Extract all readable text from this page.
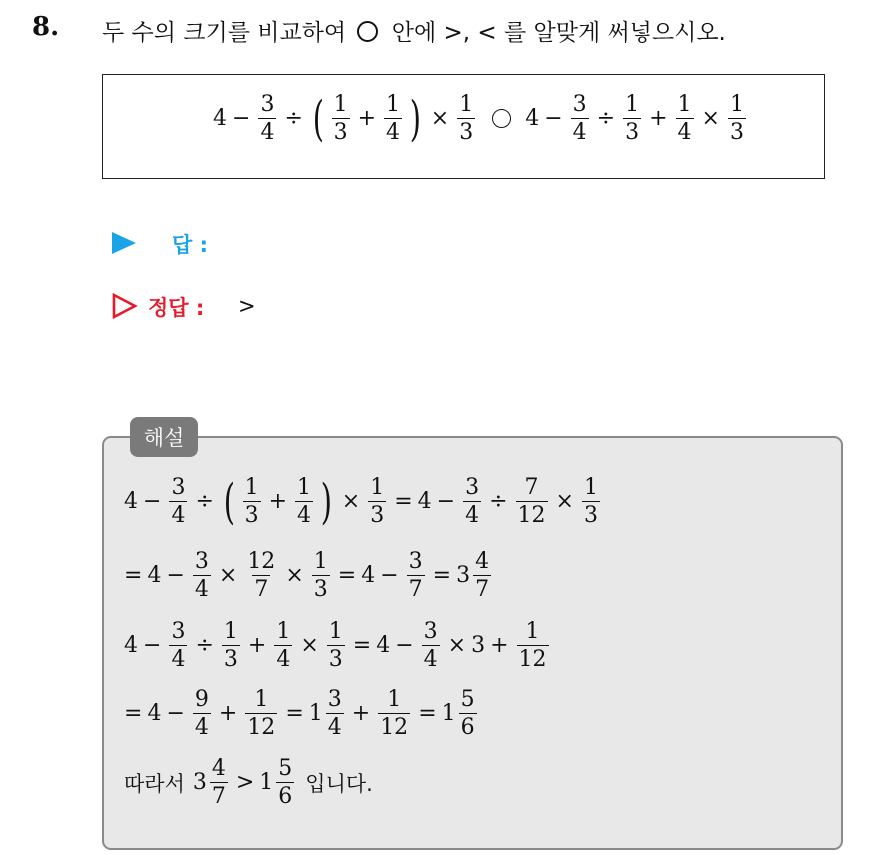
8. 두 수의 크기를 비교하여 안에 >, < 를 알맞게 써넣으시오.
$4 - \frac{3}{4}$ ÷ ( $\frac{1}{3} + \frac{1}{4}$ ) × $\frac{1}{3} 4 - \frac{3}{4} \div \frac{1}{3} + \frac{1}{4} \times \frac{1}{3}$
답 :
정답 : >
해설
$4 - \frac{3}{4}$ ÷ ( $\frac{1}{3} + \frac{1}{4}$ ) × $\frac{1}{3} = 4 - \frac{3}{4} \div \frac{7}{12} \times \frac{1}{3}$
= $4 - \frac{3}{4} \times \frac{12}{7} \times \frac{1}{3} = 4 - \frac{3}{7} = 3 \frac{4}{7}$
$4 - \frac{3}{4} \div \frac{1}{3} + \frac{1}{4} \times \frac{1}{3} = 4 - \frac{3}{4} \times 3 + \frac{1}{12}$
= $4 - \frac{9}{4} + \frac{1}{12} = 1 \frac{3}{4} + \frac{1}{12} = 1 \frac{5}{6}$
따라서 $3 \frac{4}{7} > 1 \frac{5}{6}$ 입니다.
